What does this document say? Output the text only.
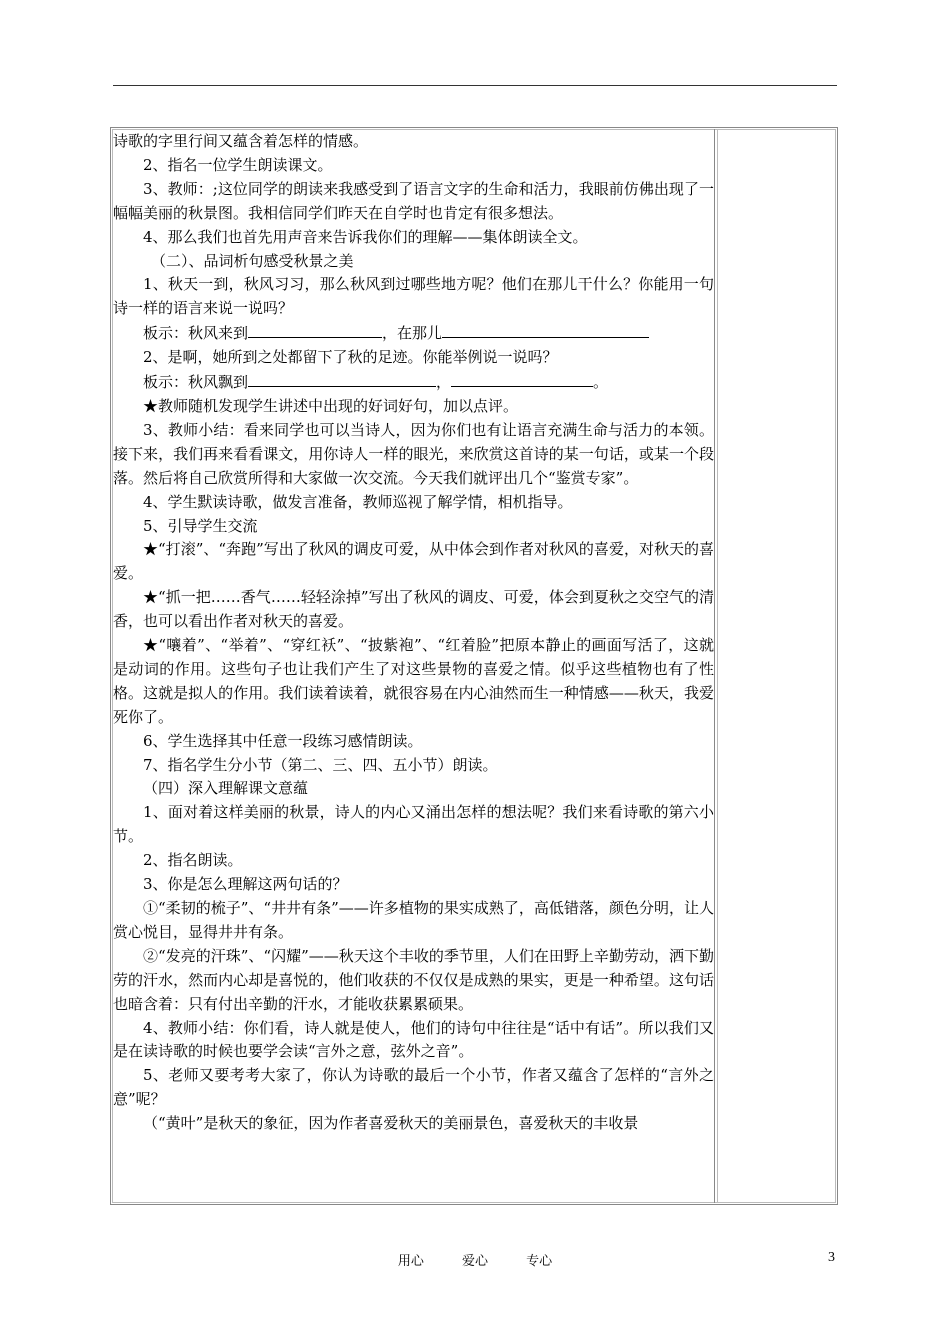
诗歌的字里行间又蕴含着怎样的情感。

2、指名一位学生朗读课文。

3、教师：;这位同学的朗读来我感受到了语言文字的生命和活力，我眼前仿佛出现了一幅幅美丽的秋景图。我相信同学们昨天在自学时也肯定有很多想法。

4、那么我们也首先用声音来告诉我你们的理解——集体朗读全文。

（二）、品词析句感受秋景之美

1、秋天一到，秋风习习，那么秋风到过哪些地方呢？他们在那儿干什么？你能用一句诗一样的语言来说一说吗？

板示：秋风来到	，在那儿

2、是啊，她所到之处都留下了秋的足迹。你能举例说一说吗？

板示：秋风飘到	，	。

★教师随机发现学生讲述中出现的好词好句，加以点评。

3、教师小结：看来同学也可以当诗人，因为你们也有让语言充满生命与活力的本领。接下来，我们再来看看课文，用你诗人一样的眼光，来欣赏这首诗的某一句话，或某一个段落。然后将自己欣赏所得和大家做一次交流。今天我们就评出几个“鉴赏专家”。

4、学生默读诗歌，做发言准备，教师巡视了解学情，相机指导。

5、引导学生交流

★“打滚”、“奔跑”写出了秋风的调皮可爱，从中体会到作者对秋风的喜爱，对秋天的喜爱。

★“抓一把……香气……轻轻涂掉”写出了秋风的调皮、可爱，体会到夏秋之交空气的清香，也可以看出作者对秋天的喜爱。

★“嚷着”、“举着”、“穿红袄”、“披紫袍”、“红着脸”把原本静止的画面写活了，这就是动词的作用。这些句子也让我们产生了对这些景物的喜爱之情。似乎这些植物也有了性格。这就是拟人的作用。我们读着读着，就很容易在内心油然而生一种情感——秋天，我爱死你了。

6、学生选择其中任意一段练习感情朗读。

7、指名学生分小节（第二、三、四、五小节）朗读。

（四）深入理解课文意蕴

1、面对着这样美丽的秋景，诗人的内心又涌出怎样的想法呢？我们来看诗歌的第六小节。

2、指名朗读。

3、你是怎么理解这两句话的？

①“柔韧的梳子”、“井井有条”——许多植物的果实成熟了，高低错落，颜色分明，让人赏心悦目，显得井井有条。

②“发亮的汗珠”、“闪耀”——秋天这个丰收的季节里，人们在田野上辛勤劳动，洒下勤劳的汗水，然而内心却是喜悦的，他们收获的不仅仅是成熟的果实，更是一种希望。这句话也暗含着：只有付出辛勤的汗水，才能收获累累硕果。

4、教师小结：你们看，诗人就是使人，他们的诗句中往往是“话中有话”。所以我们又是在读诗歌的时候也要学会读“言外之意，弦外之音”。

5、老师又要考考大家了，你认为诗歌的最后一个小节，作者又蕴含了怎样的“言外之意”呢？

（“黄叶”是秋天的象征，因为作者喜爱秋天的美丽景色，喜爱秋天的丰收景

用心	爱心	专心	3
